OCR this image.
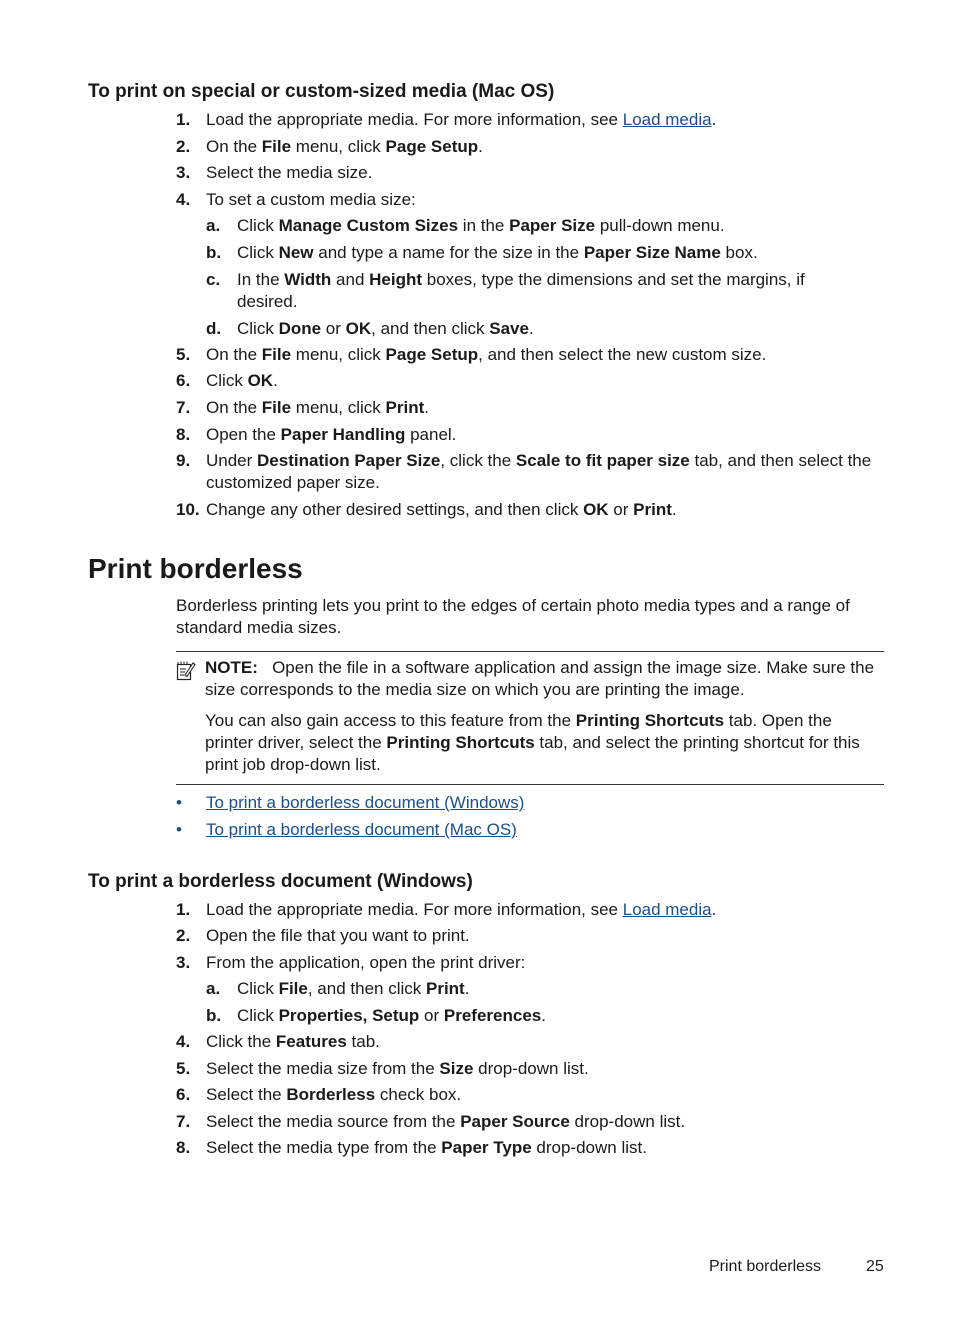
To print on special or custom-sized media (Mac OS)
1. Load the appropriate media. For more information, see Load media.
2. On the File menu, click Page Setup.
3. Select the media size.
4. To set a custom media size:
a. Click Manage Custom Sizes in the Paper Size pull-down menu.
b. Click New and type a name for the size in the Paper Size Name box.
c. In the Width and Height boxes, type the dimensions and set the margins, if desired.
d. Click Done or OK, and then click Save.
5. On the File menu, click Page Setup, and then select the new custom size.
6. Click OK.
7. On the File menu, click Print.
8. Open the Paper Handling panel.
9. Under Destination Paper Size, click the Scale to fit paper size tab, and then select the customized paper size.
10. Change any other desired settings, and then click OK or Print.
Print borderless

Borderless printing lets you print to the edges of certain photo media types and a range of standard media sizes.

NOTE: Open the file in a software application and assign the image size. Make sure the size corresponds to the media size on which you are printing the image.

You can also gain access to this feature from the Printing Shortcuts tab. Open the printer driver, select the Printing Shortcuts tab, and select the printing shortcut for this print job drop-down list.

• To print a borderless document (Windows)
• To print a borderless document (Mac OS)
To print a borderless document (Windows)
1. Load the appropriate media. For more information, see Load media.
2. Open the file that you want to print.
3. From the application, open the print driver:
a. Click File, and then click Print.
b. Click Properties, Setup or Preferences.
4. Click the Features tab.
5. Select the media size from the Size drop-down list.
6. Select the Borderless check box.
7. Select the media source from the Paper Source drop-down list.
8. Select the media type from the Paper Type drop-down list.
Print borderless	25
